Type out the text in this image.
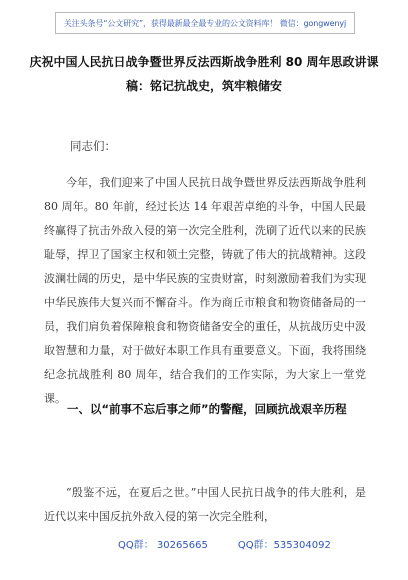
关注头条号“公文研究”，获得最新最全最专业的公文资料库！ 微信：gongwenyj
庆祝中国人民抗日战争暨世界反法西斯战争胜利 80 周年思政讲课稿：铭记抗战史，筑牢粮储安
同志们：

今年，我们迎来了中国人民抗日战争暨世界反法西斯战争胜利 80 周年。80 年前，经过长达 14 年艰苦卓绝的斗争，中国人民最终赢得了抗击外敌入侵的第一次完全胜利，洗刷了近代以来的民族耻辱，捍卫了国家主权和领土完整，铸就了伟大的抗战精神。这段波澜壮阔的历史，是中华民族的宝贵财富，时刻激励着我们为实现中华民族伟大复兴而不懈奋斗。作为商丘市粮食和物资储备局的一员，我们肩负着保障粮食和物资储备安全的重任，从抗战历史中汲取智慧和力量，对于做好本职工作具有重要意义。下面，我将围绕纪念抗战胜利 80 周年，结合我们的工作实际，为大家上一堂党课。

一、以“前事不忘后事之师”的警醒，回顾抗战艰辛历程

“殷鉴不远，在夏后之世。”中国人民抗日战争的伟大胜利，是近代以来中国反抗外敌入侵的第一次完全胜利，

QQ群： 30265665	QQ群：535304092
